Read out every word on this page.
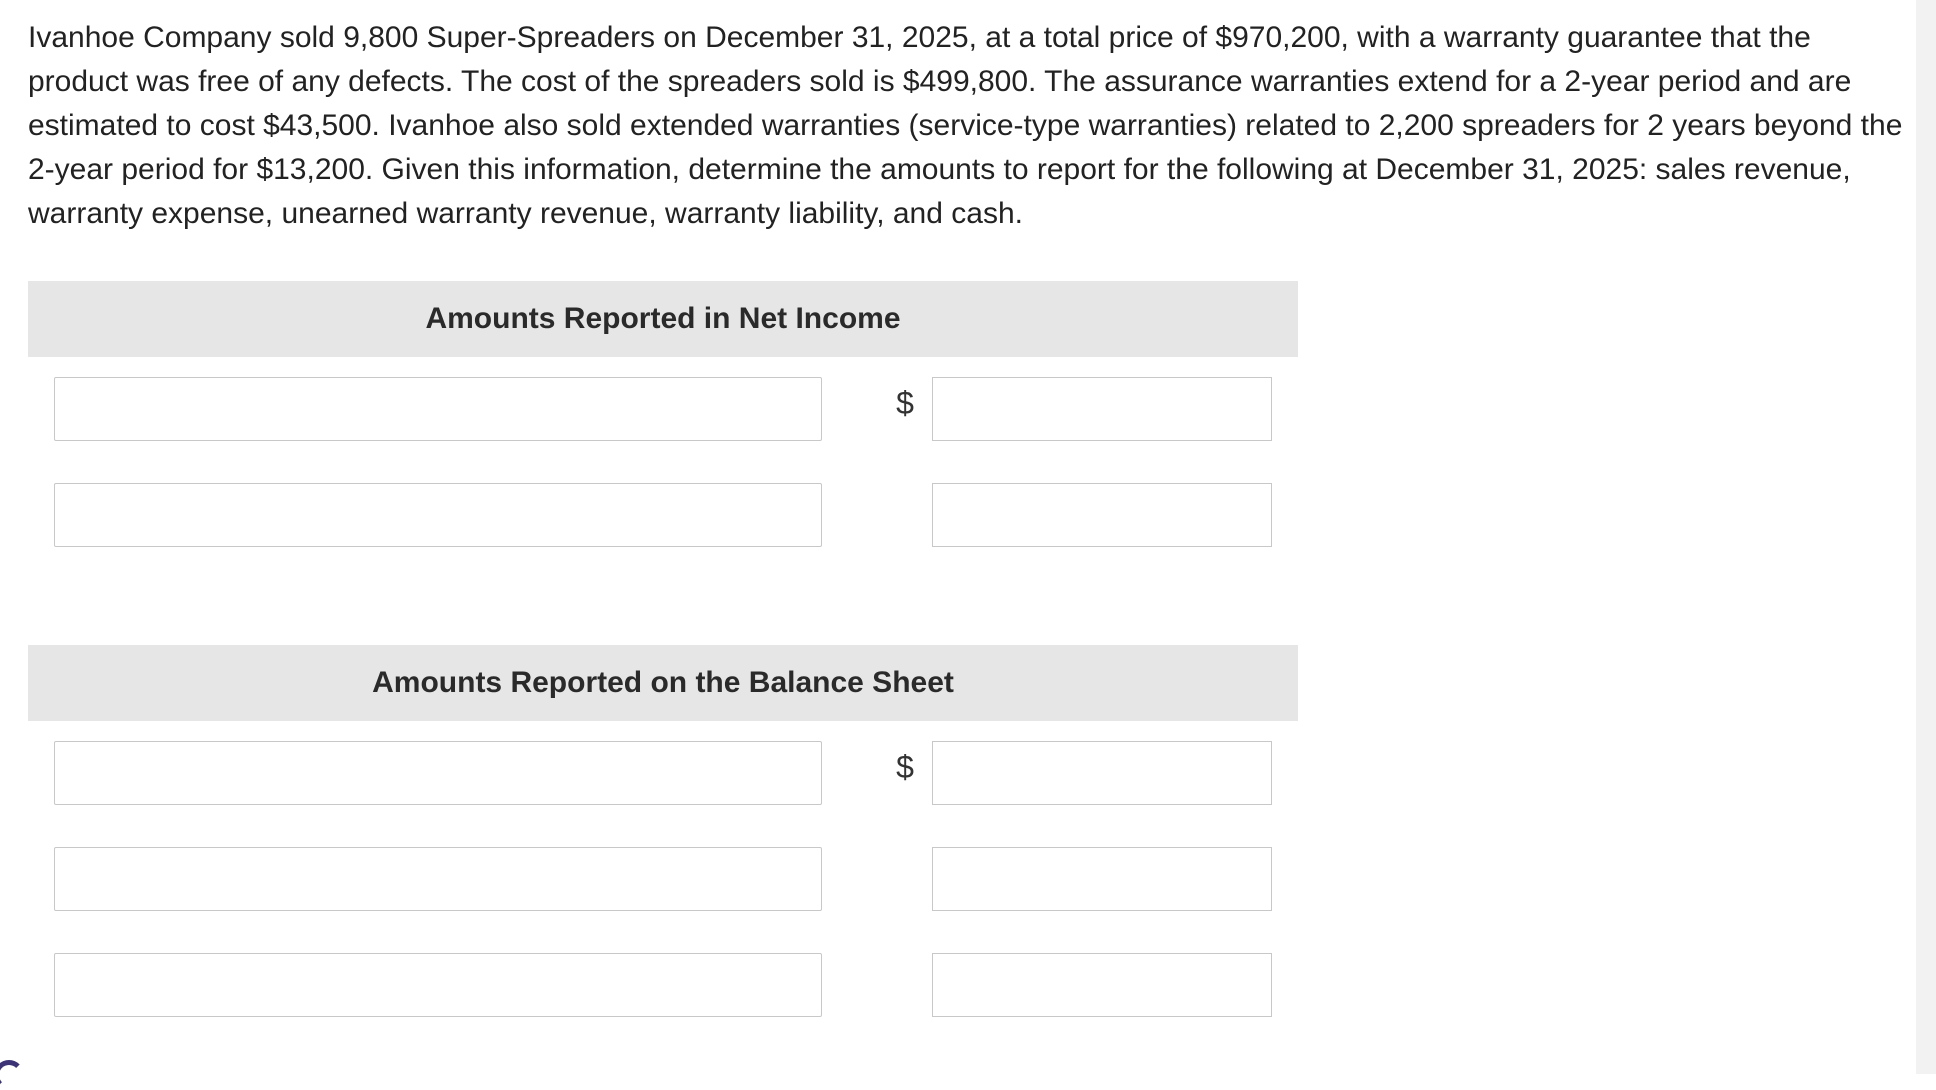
Ivanhoe Company sold 9,800 Super-Spreaders on December 31, 2025, at a total price of $970,200, with a warranty guarantee that the product was free of any defects. The cost of the spreaders sold is $499,800. The assurance warranties extend for a 2-year period and are estimated to cost $43,500. Ivanhoe also sold extended warranties (service-type warranties) related to 2,200 spreaders for 2 years beyond the 2-year period for $13,200. Given this information, determine the amounts to report for the following at December 31, 2025: sales revenue, warranty expense, unearned warranty revenue, warranty liability, and cash.
Amounts Reported in Net Income
$
Amounts Reported on the Balance Sheet
$
